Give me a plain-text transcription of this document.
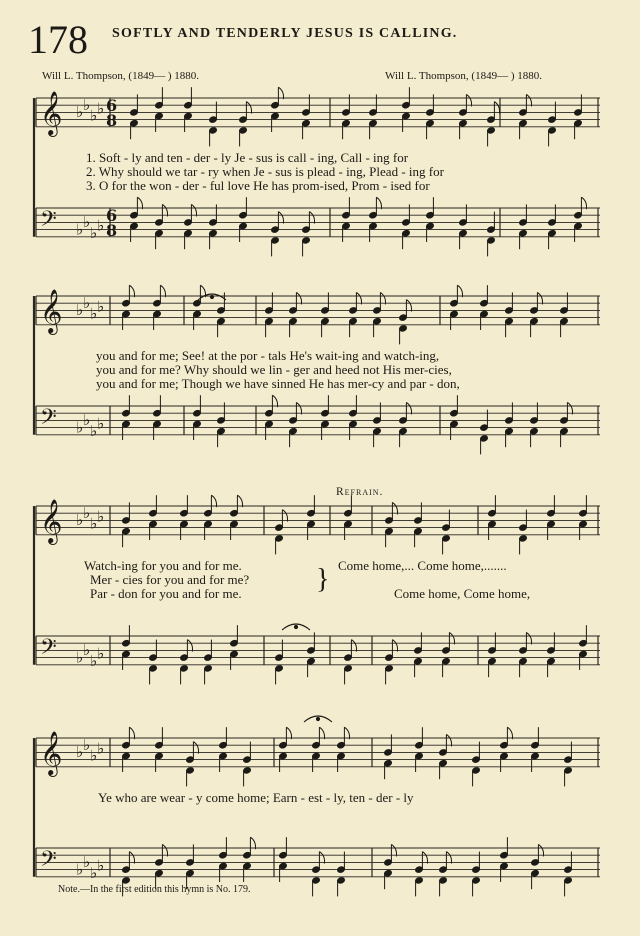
178 SOFTLY AND TENDERLY JESUS IS CALLING.
Will L. Thompson, (1849— ) 1880.	Will L. Thompson, (1849— ) 1880.
𝄞 ♭ ♭
♭ ♭ 6
8
𝄢 ♭ ♭
♭ ♭
6
8
𝄞 ♭ ♭
♭ ♭
𝄢 ♭ ♭
♭ ♭
𝄞 ♭ ♭
♭ ♭
𝄢 ♭ ♭
♭ ♭
𝄞 ♭ ♭
♭ ♭
𝄢 ♭ ♭
♭ ♭
1. Soft - ly and ten - der - ly Je - sus is call - ing, Call - ing for
2. Why should we tar - ry when Je - sus is plead - ing, Plead - ing for
3. O for the won - der - ful love He has prom-ised, Prom - ised for
you and for me; See! at the por - tals He's wait-ing and watch-ing,
you and for me? Why should we lin - ger and heed not His mer-cies,
you and for me; Though we have sinned He has mer-cy and par - don,
Refrain.
Watch-ing for you and for me.
Mer - cies for you and for me?
Par - don for you and for me.	} Come home,... Come home,.......
Come home, Come home,
Ye who are wear - y come home; Earn - est - ly, ten - der - ly
Note.—In the first edition this hymn is No. 179.
